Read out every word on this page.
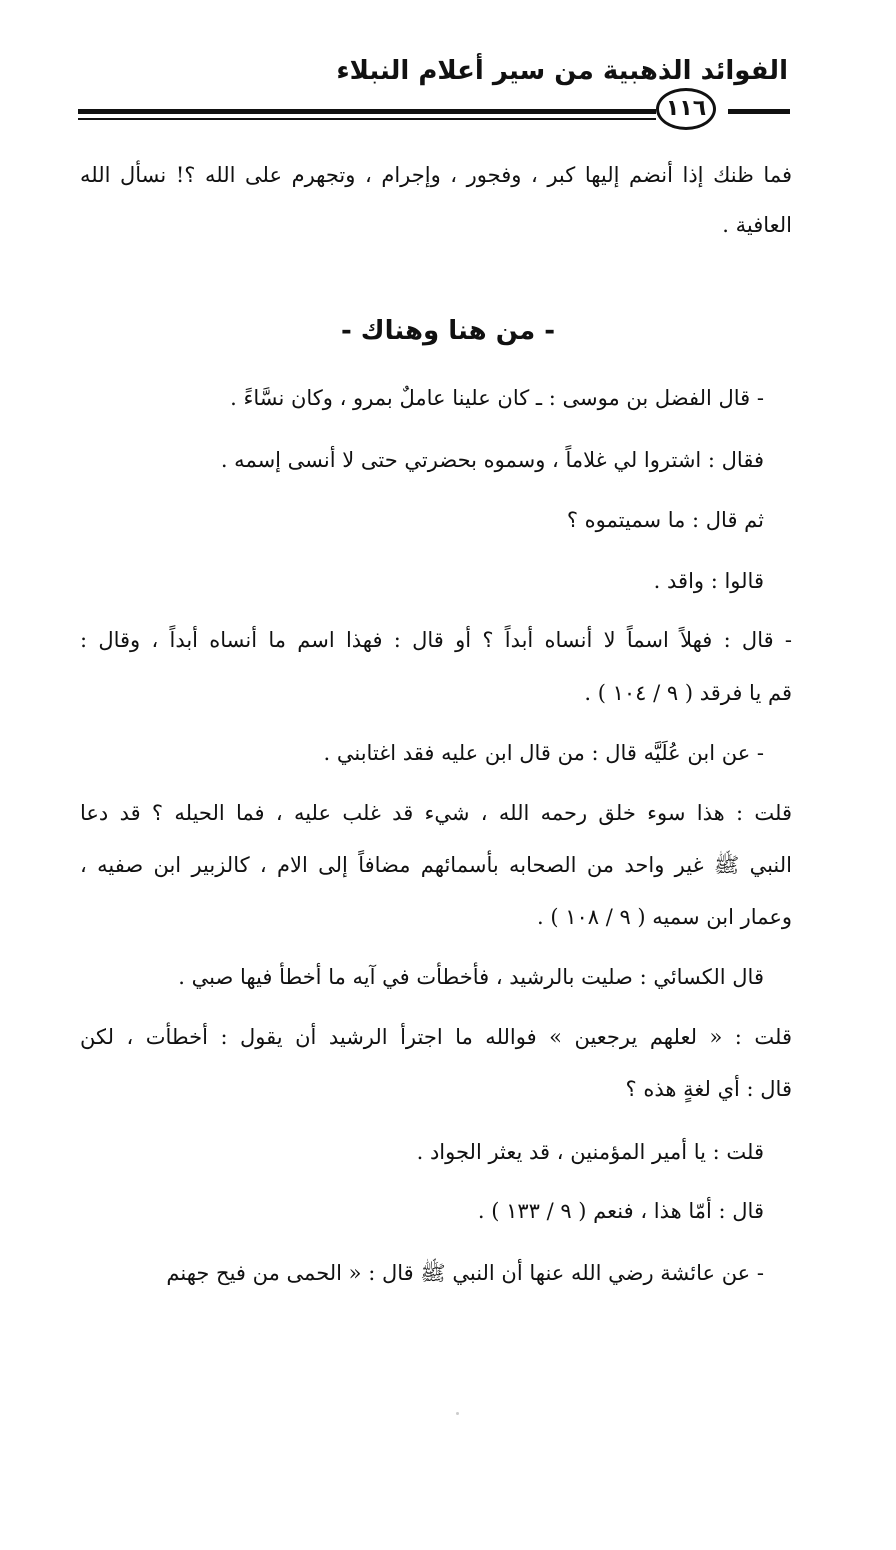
الفوائد الذهبية من سير أعلام النبلاء
١١٦
فما ظنك إذا أنضم إليها كبر ، وفجور ، وإجرام ، وتجهرم على الله ؟! نسأل الله
العافية .
- من هنا وهناك -
- قال الفضل بن موسى : ـ كان علينا عاملٌ بمرو ، وكان نسَّاءً .
فقال : اشتروا لي غلاماً ، وسموه بحضرتي حتى لا أنسى إسمه .
ثم قال : ما سميتموه ؟
قالوا : واقد .
- قال : فهلاً اسماً لا أنساه أبداً ؟ أو قال : فهذا اسم ما أنساه أبداً ، وقال :
قم يا فرقد ( ٩ / ١٠٤ ) .
- عن ابن عُلَيَّه قال : من قال ابن عليه فقد اغتابني .
قلت : هذا سوء خلق رحمه الله ، شيء قد غلب عليه ، فما الحيله ؟ قد دعا
النبي ﷺ غير واحد من الصحابه بأسمائهم مضافاً إلى الام ، كالزبير ابن صفيه ،
وعمار ابن سميه ( ٩ / ١٠٨ ) .
قال الكسائي : صليت بالرشيد ، فأخطأت في آيه ما أخطأ فيها صبي .
قلت : « لعلهم يرجعين » فوالله ما اجترأ الرشيد أن يقول : أخطأت ، لكن
قال : أي لغةٍ هذه ؟
قلت : يا أمير المؤمنين ، قد يعثر الجواد .
قال : أمّا هذا ، فنعم ( ٩ / ١٣٣ ) .
- عن عائشة رضي الله عنها أن النبي ﷺ قال : « الحمى من فيح جهنم
